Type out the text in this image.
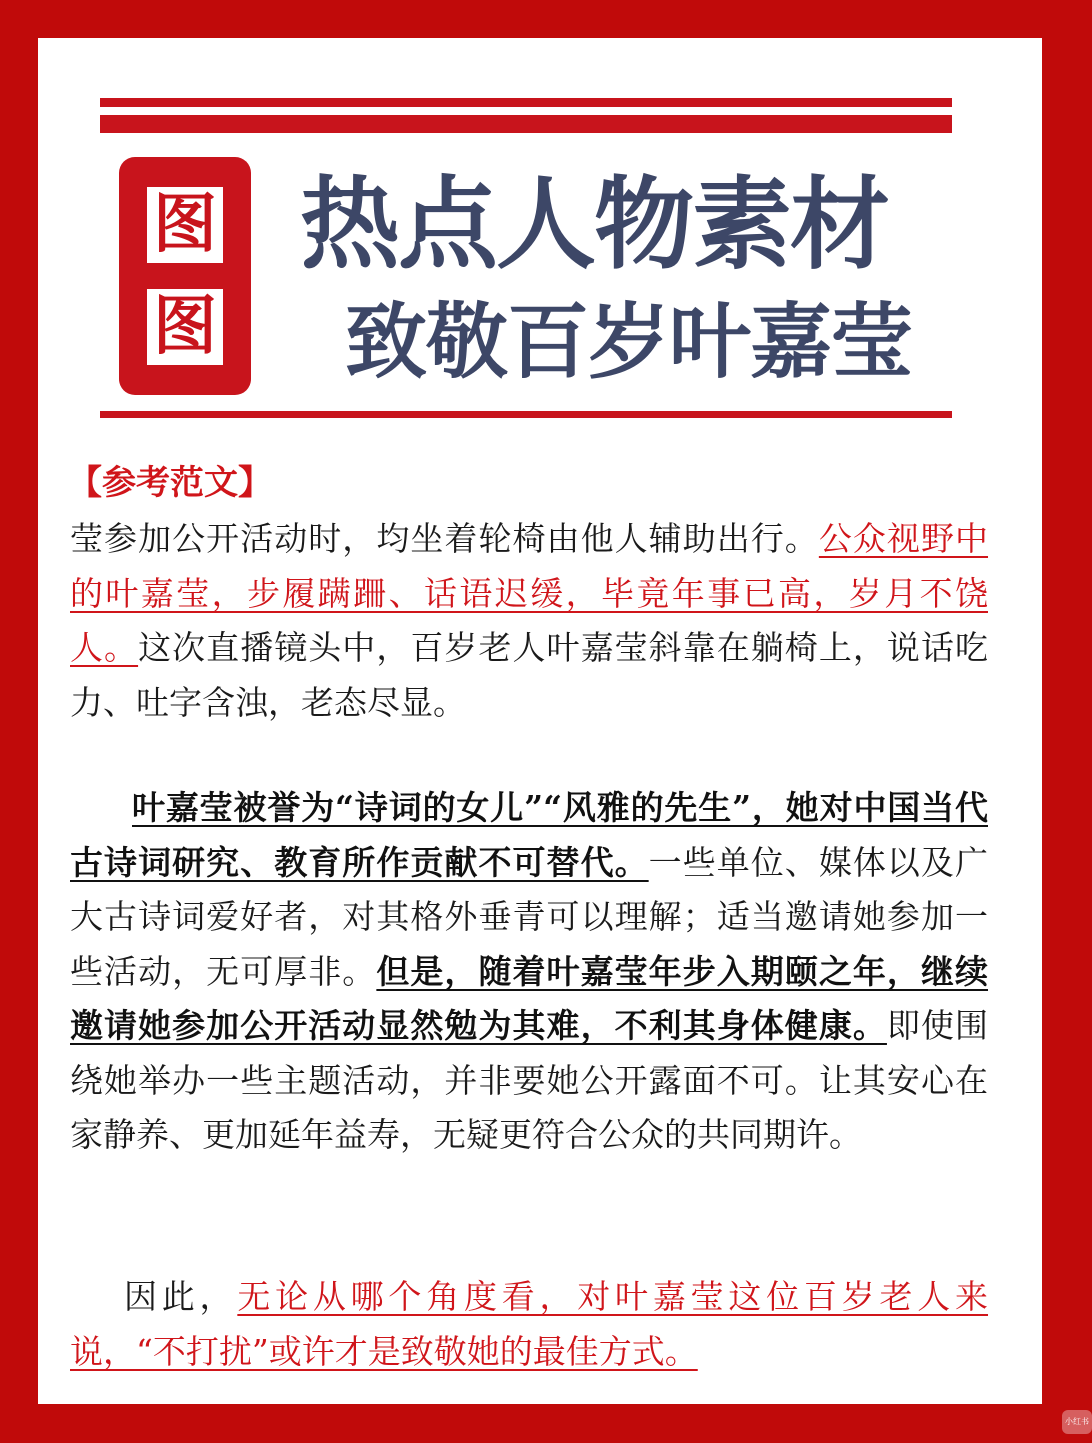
图
图
热点人物素材
致敬百岁叶嘉莹
【参考范文】
莹参加公开活动时，均坐着轮椅由他人辅助出行。公众视野中的叶嘉莹，步履蹒跚、话语迟缓，毕竟年事已高，岁月不饶人。这次直播镜头中，百岁老人叶嘉莹斜靠在躺椅上，说话吃力、吐字含浊，老态尽显。
叶嘉莹被誉为“诗词的女儿”“风雅的先生”，她对中国当代古诗词研究、教育所作贡献不可替代。一些单位、媒体以及广大古诗词爱好者，对其格外垂青可以理解；适当邀请她参加一些活动，无可厚非。但是，随着叶嘉莹年步入期颐之年，继续邀请她参加公开活动显然勉为其难，不利其身体健康。即使围绕她举办一些主题活动，并非要她公开露面不可。让其安心在家静养、更加延年益寿，无疑更符合公众的共同期许。
因此，无论从哪个角度看，对叶嘉莹这位百岁老人来说，“不打扰”或许才是致敬她的最佳方式。
小红书
